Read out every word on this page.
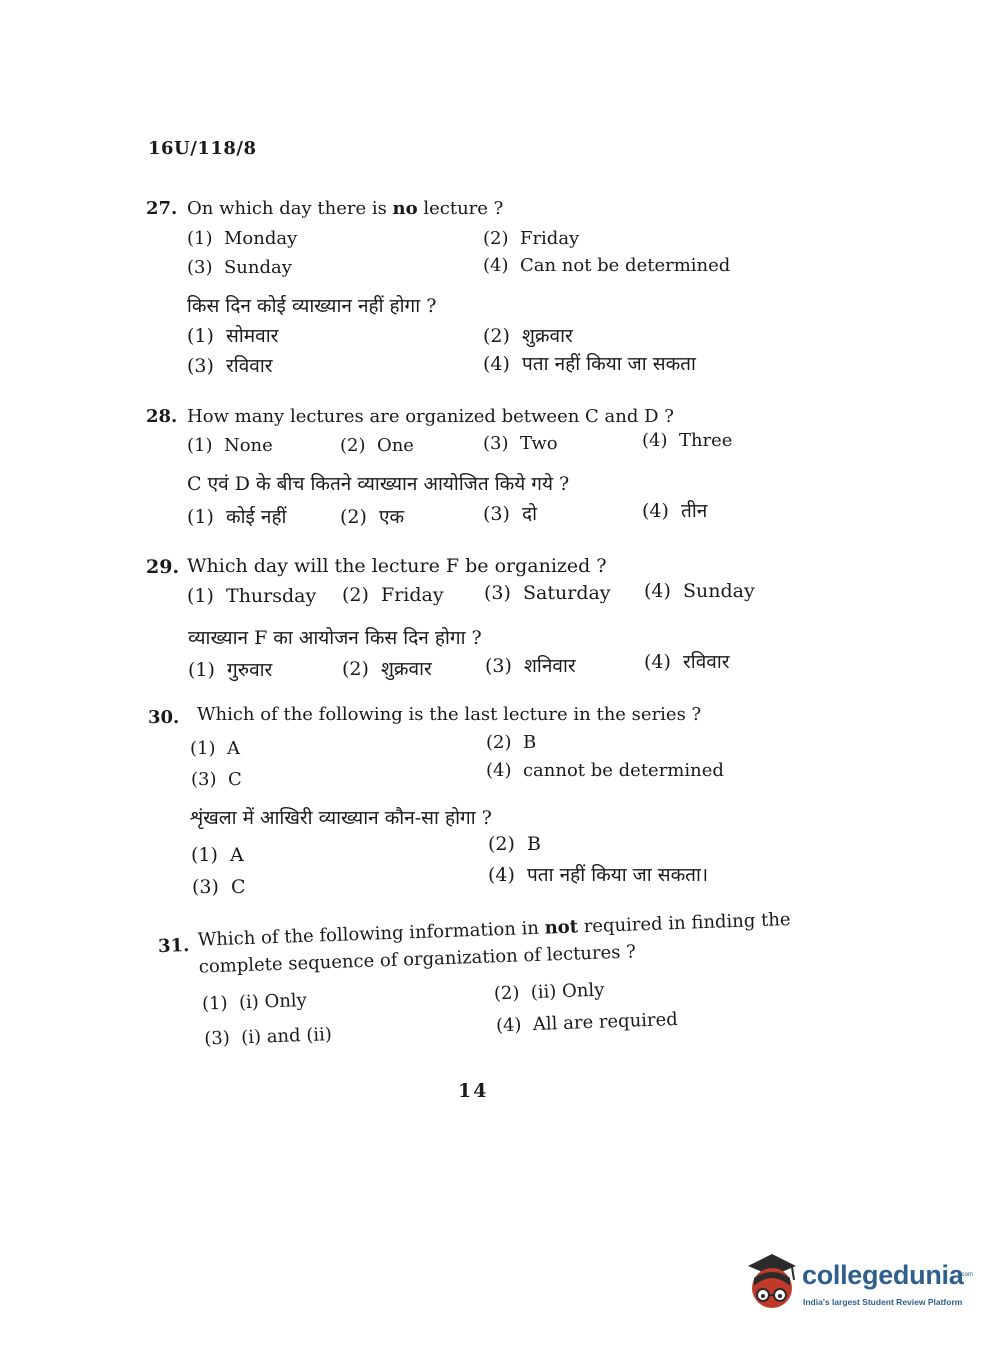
16U/118/8
27. On which day there is no lecture ?
(1) Monday	(2) Friday
(3) Sunday	(4) Can not be determined
किस दिन कोई व्याख्यान नहीं होगा ?
(1) सोमवार	(2) शुक्रवार
(3) रविवार	(4) पता नहीं किया जा सकता
28. How many lectures are organized between C and D ?
(1) None	(2) One	(3) Two	(4) Three
C एवं D के बीच कितने व्याख्यान आयोजित किये गये ?
(1) कोई नहीं	(2) एक	(3) दो	(4) तीन
29. Which day will the lecture F be organized ?
(1) Thursday (2) Friday (3) Saturday (4) Sunday
व्याख्यान F का आयोजन किस दिन होगा ?
(1) गुरुवार	(2) शुक्रवार	(3) शनिवार	(4) रविवार
30. Which of the following is the last lecture in the series ?
(1) A	(2) B
(3) C	(4) cannot be determined
शृंखला में आखिरी व्याख्यान कौन-सा होगा ?
(1) A	(2) B
(3) C
(4) पता नहीं किया जा सकता।
31. Which of the following information in not required in finding the
complete sequence of organization of lectures ?
(1) (i) Only	(2) (ii) Only
(3) (i) and (ii)	(4) All are required
14
collegedunia
.com
India's largest Student Review Platform
